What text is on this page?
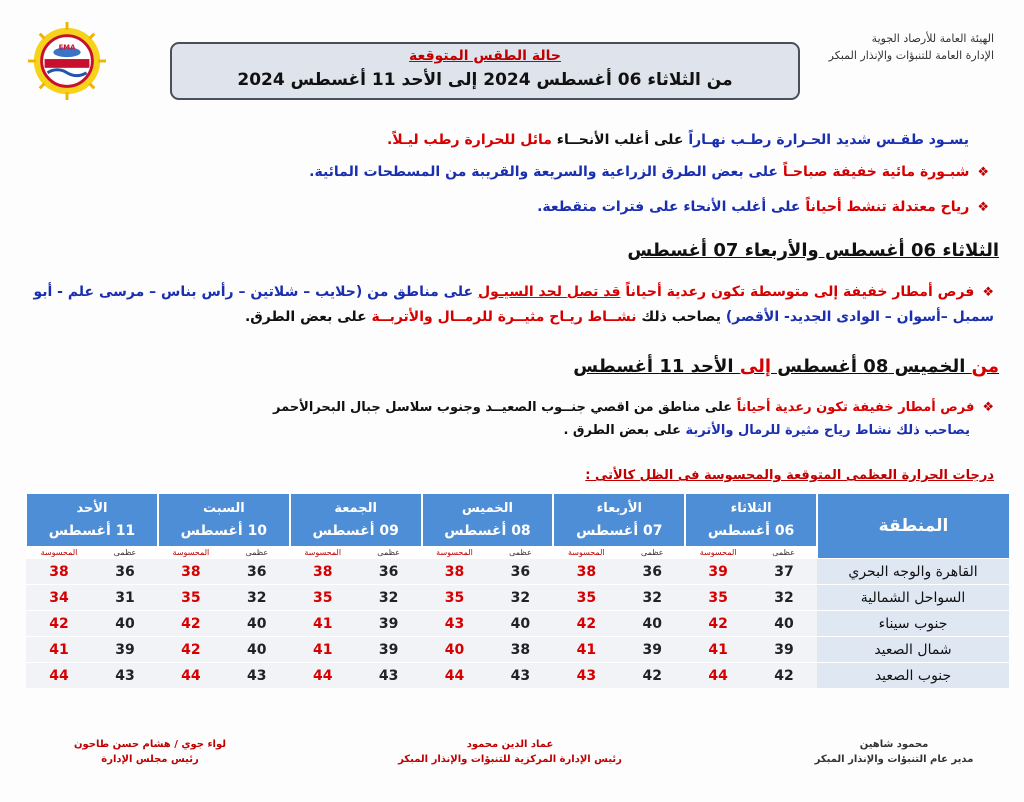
EMA
حالة الطقس المتوقعة
من الثلاثاء 06 أغسطس 2024 إلى الأحد 11 أغسطس 2024
الهيئة العامة للأرصاد الجوية
الإدارة العامة للتنبؤات والإنذار المبكر
يسـود طقـس شديد الحـرارة رطـب نهـاراً على أغلب الأنحــاء مائل للحرارة رطب ليـلاً.
❖شبـورة مائية خفيفة صباحـاً على بعض الطرق الزراعية والسريعة والقريبة من المسطحات المائية.
❖رياح معتدلة تنشط أحياناً على أغلب الأنحاء على فترات متقطعة.
الثلاثاء 06 أغسطس والأربعاء 07 أغسطس
❖فرص أمطار خفيفة إلى متوسطة تكون رعدية أحياناً قد تصل لحد السيـول على مناطق من (حلايب – شلاتين – رأس بناس – مرسى علم - أبو سمبل –أسوان – الوادى الجديد- الأقصر) يصاحب ذلك نشــاط ريـاح مثيــرة للرمــال والأتربــة على بعض الطرق.
من الخميس 08 أغسطس إلى الأحد 11 أغسطس
❖فرص أمطار خفيفة تكون رعدية أحياناً على مناطق من اقصي جنــوب الصعيــد وجنوب سلاسل جبال البحرالأحمر
يصاحب ذلك نشاط رياح مثيرة للرمال والأتربة على بعض الطرق .
درجات الحرارة العظمى المتوقعة والمحسوسة فى الظل كالأتى :
المنطقة	الثلاثاء
06 أغسطس		الأربعاء
07 أغسطس		الخميس
08 أغسطس		الجمعة
09 أغسطس		السبت
10 أغسطس		الأحد
11 أغسطس	

	عظمى	المحسوسة	عظمى	المحسوسة	عظمى	المحسوسة	عظمى	المحسوسة	عظمى	المحسوسة	عظمى	المحسوسة
القاهرة والوجه البحري	37	39	36	38	36	38	36	38	36	38	36	38
السواحل الشمالية	32	35	32	35	32	35	32	35	32	35	31	34
جنوب سيناء	40	42	40	42	40	43	39	41	40	42	40	42
شمال الصعيد	39	41	39	41	38	40	39	41	40	42	39	41
جنوب الصعيد	42	44	42	43	43	44	43	44	43	44	43	44
محمود شاهين
مدير عام التنبؤات والإنذار المبكر
عماد الدين محمود
رئيس الإدارة المركزية للتنبؤات والإنذار المبكر
لواء جوي / هشام حسن طاحون
رئيس مجلس الإدارة
